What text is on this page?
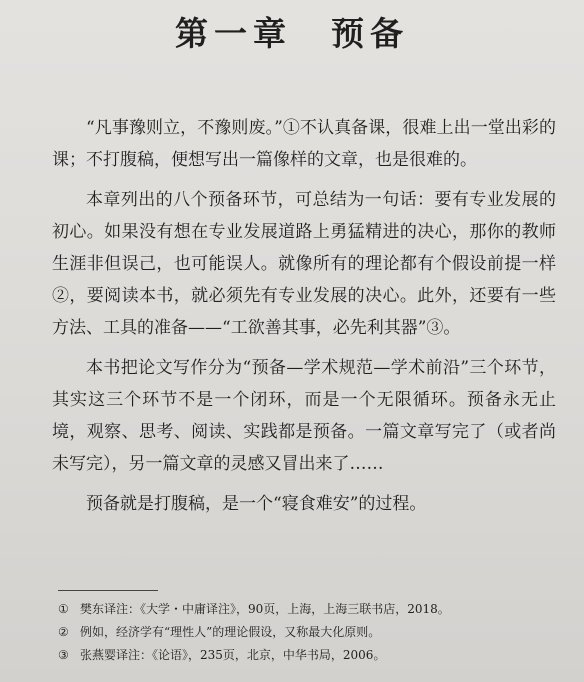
第一章　预备

“凡事豫则立，不豫则废。”①不认真备课，很难上出一堂出彩的课；不打腹稿，便想写出一篇像样的文章，也是很难的。

本章列出的八个预备环节，可总结为一句话：要有专业发展的初心。如果没有想在专业发展道路上勇猛精进的决心，那你的教师生涯非但误己，也可能误人。就像所有的理论都有个假设前提一样②，要阅读本书，就必须先有专业发展的决心。此外，还要有一些方法、工具的准备——“工欲善其事，必先利其器”③。

本书把论文写作分为“预备—学术规范—学术前沿”三个环节，其实这三个环节不是一个闭环，而是一个无限循环。预备永无止境，观察、思考、阅读、实践都是预备。一篇文章写完了（或者尚未写完），另一篇文章的灵感又冒出来了……

预备就是打腹稿，是一个“寝食难安”的过程。

① 樊东译注：《大学・中庸译注》，90页，上海，上海三联书店，2018。
② 例如，经济学有“理性人”的理论假设，又称最大化原则。
③ 张燕婴译注：《论语》，235页，北京，中华书局，2006。
